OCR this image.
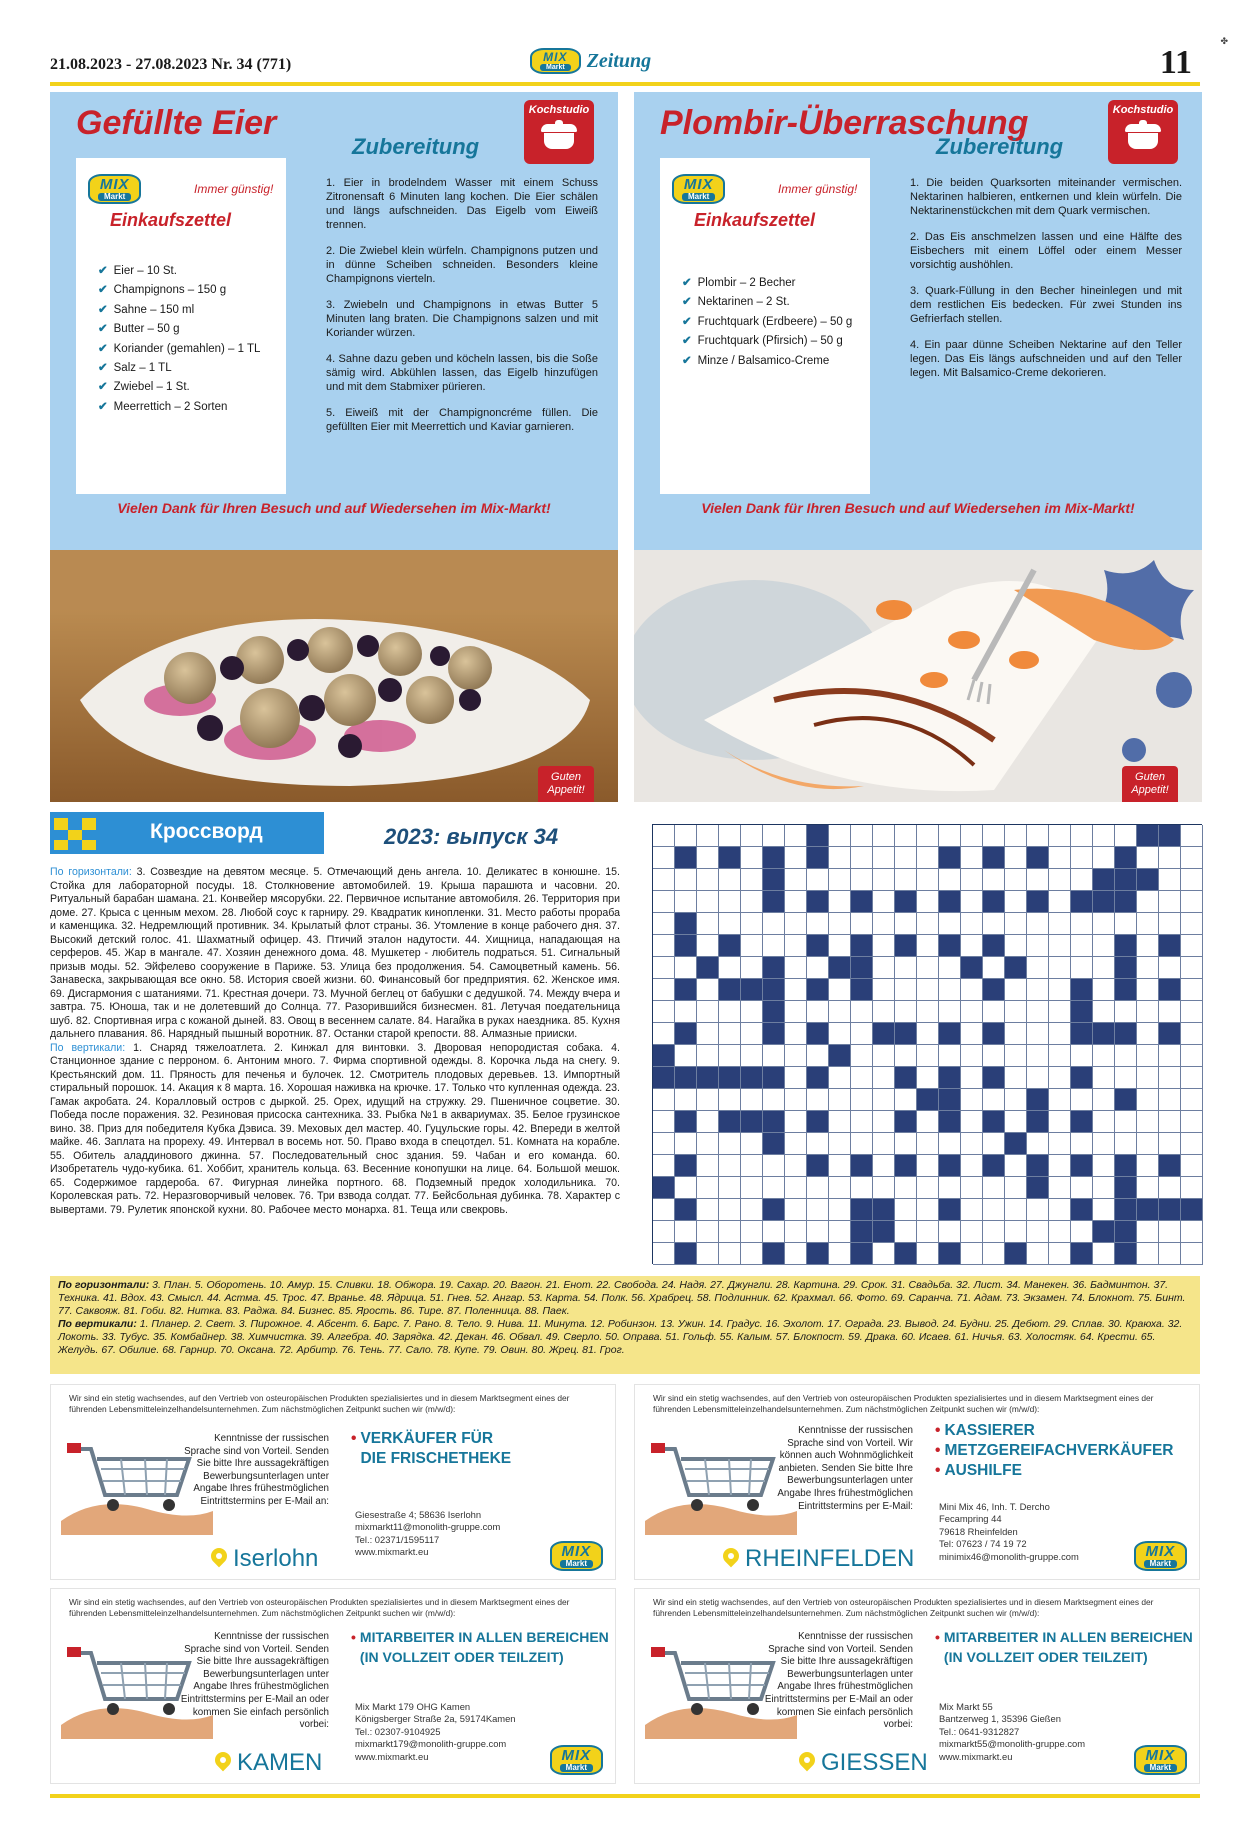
21.08.2023 - 27.08.2023 Nr. 34 (771)	MIX
Markt	Zeitung	11
✤
Gefüllte Eier	Kochstudio
MIX
Markt
Immer günstig!
Einkaufszettel
✔ Eier – 10 St.
✔ Champignons – 150 g
✔ Sahne – 150 ml
✔ Butter – 50 g
✔ Koriander (gemahlen) – 1 TL
✔ Salz – 1 TL
✔ Zwiebel – 1 St.
✔ Meerrettich – 2 Sorten
Zubereitung

1. Eier in brodelndem Wasser mit einem Schuss Zitronensaft 6 Minuten lang kochen. Die Eier schälen und längs aufschneiden. Das Eigelb vom Eiweiß trennen.

2. Die Zwiebel klein würfeln. Champignons putzen und in dünne Scheiben schneiden. Besonders kleine Champignons vierteln.

3. Zwiebeln und Champignons in etwas Butter 5 Minuten lang braten. Die Champignons salzen und mit Koriander würzen.

4. Sahne dazu geben und köcheln lassen, bis die Soße sämig wird. Abkühlen lassen, das Eigelb hinzufügen und mit dem Stabmixer pürieren.

5. Eiweiß mit der Champignoncréme füllen. Die gefüllten Eier mit Meerrettich und Kaviar garnieren.

Vielen Dank für Ihren Besuch und auf Wiedersehen im Mix-Markt!
Guten Appetit!
Plombir-Überraschung	Kochstudio
MIX
Markt
Immer günstig!
Einkaufszettel
✔ Plombir – 2 Becher
✔ Nektarinen – 2 St.
✔ Fruchtquark (Erdbeere) – 50 g
✔ Fruchtquark (Pfirsich) – 50 g
✔ Minze / Balsamico-Creme
Zubereitung

1. Die beiden Quarksorten miteinander vermischen. Nektarinen halbieren, entkernen und klein würfeln. Die Nektarinenstückchen mit dem Quark vermischen.

2. Das Eis anschmelzen lassen und eine Hälfte des Eisbechers mit einem Löffel oder einem Messer vorsichtig aushöhlen.

3. Quark-Füllung in den Becher hineinlegen und mit dem restlichen Eis bedecken. Für zwei Stunden ins Gefrierfach stellen.

4. Ein paar dünne Scheiben Nektarine auf den Teller legen. Das Eis längs aufschneiden und auf den Teller legen. Mit Balsamico-Creme dekorieren.

Vielen Dank für Ihren Besuch und auf Wiedersehen im Mix-Markt!
Guten Appetit!
Кроссворд	2023: выпуск 34

По горизонтали: 3. Созвездие на девятом месяце. 5. Отмечающий день ангела. 10. Деликатес в конюшне. 15. Стойка для лабораторной посуды. 18. Столкновение автомобилей. 19. Крыша парашюта и часовни. 20. Ритуальный барабан шамана. 21. Конвейер мясорубки. 22. Первичное испытание автомобиля. 26. Территория при доме. 27. Крыса с ценным мехом. 28. Любой соус к гарниру. 29. Квадратик кинопленки. 31. Место работы прораба и каменщика. 32. Недремлющий противник. 34. Крылатый флот страны. 36. Утомление в конце рабочего дня. 37. Высокий детский голос. 41. Шахматный офицер. 43. Птичий эталон надутости. 44. Хищница, нападающая на серферов. 45. Жар в мангале. 47. Хозяин денежного дома. 48. Мушкетер - любитель подраться. 51. Сигнальный призыв моды. 52. Эйфелево сооружение в Париже. 53. Улица без продолжения. 54. Самоцветный камень. 56. Занавеска, закрывающая все окно. 58. История своей жизни. 60. Финансовый бог предприятия. 62. Женское имя. 69. Дисгармония с шатаниями. 71. Крестная дочери. 73. Мучной беглец от бабушки с дедушкой. 74. Между вчера и завтра. 75. Юноша, так и не долетевший до Солнца. 77. Разорившийся бизнесмен. 81. Летучая поедательница шуб. 82. Спортивная игра с кожаной дыней. 83. Овощ в весеннем салате. 84. Нагайка в руках наездника. 85. Кухня дальнего плавания. 86. Нарядный пышный воротник. 87. Останки старой крепости. 88. Алмазные прииски.

По вертикали: 1. Снаряд тяжелоатлета. 2. Кинжал для винтовки. 3. Дворовая непородистая собака. 4. Станционное здание с перроном. 6. Антоним много. 7. Фирма спортивной одежды. 8. Корочка льда на снегу. 9. Крестьянский дом. 11. Пряность для печенья и булочек. 12. Смотритель плодовых деревьев. 13. Импортный стиральный порошок. 14. Акация к 8 марта. 16. Хорошая наживка на крючке. 17. Только что купленная одежда. 23. Гамак акробата. 24. Коралловый остров с дыркой. 25. Орех, идущий на стружку. 29. Пшеничное соцветие. 30. Победа после поражения. 32. Резиновая присоска сантехника. 33. Рыбка №1 в аквариумах. 35. Белое грузинское вино. 38. Приз для победителя Кубка Дэвиса. 39. Меховых дел мастер. 40. Гуцульские горы. 42. Впереди в желтой майке. 46. Заплата на прореху. 49. Интервал в восемь нот. 50. Право входа в спецотдел. 51. Комната на корабле. 55. Обитель аладдинового джинна. 57. Последовательный снос здания. 59. Чабан и его команда. 60. Изобретатель чудо-кубика. 61. Хоббит, хранитель кольца. 63. Весенние конопушки на лице. 64. Большой мешок. 65. Содержимое гардероба. 67. Фигурная линейка портного. 68. Подземный предок холодильника. 70. Королевская рать. 72. Неразговорчивый человек. 76. Три взвода солдат. 77. Бейсбольная дубинка. 78. Характер с вывертами. 79. Рулетик японской кухни. 80. Рабочее место монарха. 81. Теща или свекровь.

По горизонтали: 3. План. 5. Оборотень. 10. Амур. 15. Сливки. 18. Обжора. 19. Сахар. 20. Вагон. 21. Енот. 22. Свобода. 24. Надя. 27. Джунгли. 28. Картина. 29. Срок. 31. Свадьба. 32. Лист. 34. Манекен. 36. Бадминтон. 37. Техника. 41. Вдох. 43. Смысл. 44. Астма. 45. Трос. 47. Вранье. 48. Ядрица. 51. Гнев. 52. Ангар. 53. Карта. 54. Полк. 56. Храбрец. 58. Подлинник. 62. Крахмал. 66. Фото. 69. Саранча. 71. Адам. 73. Экзамен. 74. Блокнот. 75. Бинт. 77. Саквояж. 81. Гоби. 82. Нитка. 83. Раджа. 84. Бизнес. 85. Ярость. 86. Тире. 87. Поленница. 88. Паек.

По вертикали: 1. Планер. 2. Свет. 3. Пирожное. 4. Абсент. 6. Барс. 7. Рано. 8. Тело. 9. Нива. 11. Минута. 12. Робинзон. 13. Ужин. 14. Градус. 16. Эхолот. 17. Ограда. 23. Вывод. 24. Будни. 25. Дебют. 29. Сплав. 30. Краюха. 32. Локоть. 33. Тубус. 35. Комбайнер. 38. Химчистка. 39. Алгебра. 40. Зарядка. 42. Декан. 46. Обвал. 49. Сверло. 50. Оправа. 51. Гольф. 55. Калым. 57. Блокпост. 59. Драка. 60. Исаев. 61. Ничья. 63. Холостяк. 64. Крести. 65. Желудь. 67. Обилие. 68. Гарнир. 70. Оксана. 72. Арбитр. 76. Тень. 77. Сало. 78. Купе. 79. Овин. 80. Жрец. 81. Грог.

Wir sind ein stetig wachsendes, auf den Vertrieb von osteuropäischen Produkten spezialisiertes und in diesem Marktsegment eines der führenden Lebensmitteleinzelhandelsunternehmen. Zum nächstmöglichen Zeitpunkt suchen wir (m/w/d):
Kenntnisse der russischen Sprache sind von Vorteil. Senden Sie bitte Ihre aussagekräftigen Bewerbungsunterlagen unter Angabe Ihres frühestmöglichen Eintrittstermins per E-Mail an:
• VERKÄUFER FÜR
DIE FRISCHETHEKE
Giesestraße 4; 58636 Iserlohn
mixmarkt11@monolith-gruppe.com
Tel.: 02371/1595117
www.mixmarkt.eu
Iserlohn	MIX
Markt
Wir sind ein stetig wachsendes, auf den Vertrieb von osteuropäischen Produkten spezialisiertes und in diesem Marktsegment eines der führenden Lebensmitteleinzelhandelsunternehmen. Zum nächstmöglichen Zeitpunkt suchen wir (m/w/d):
Kenntnisse der russischen Sprache sind von Vorteil. Wir können auch Wohnmöglichkeit anbieten. Senden Sie bitte Ihre Bewerbungsunterlagen unter Angabe Ihres frühestmöglichen Eintrittstermins per E-Mail:
• KASSIERER
• METZGEREIFACHVERKÄUFER
• AUSHILFE
Mini Mix 46, Inh. T. Dercho
Fecampring 44
79618 Rheinfelden
Tel: 07623 / 74 19 72
minimix46@monolith-gruppe.com
RHEINFELDEN	MIX
Markt
Wir sind ein stetig wachsendes, auf den Vertrieb von osteuropäischen Produkten spezialisiertes und in diesem Marktsegment eines der führenden Lebensmitteleinzelhandelsunternehmen. Zum nächstmöglichen Zeitpunkt suchen wir (m/w/d):
Kenntnisse der russischen Sprache sind von Vorteil. Senden Sie bitte Ihre aussagekräftigen Bewerbungsunterlagen unter Angabe Ihres frühestmöglichen Eintrittstermins per E-Mail an oder kommen Sie einfach persönlich vorbei:
• MITARBEITER IN ALLEN BEREICHEN
(IN VOLLZEIT ODER TEILZEIT)
Mix Markt 179 OHG Kamen
Königsberger Straße 2a, 59174Kamen
Tel.: 02307-9104925
mixmarkt179@monolith-gruppe.com
www.mixmarkt.eu
KAMEN	MIX
Markt
Wir sind ein stetig wachsendes, auf den Vertrieb von osteuropäischen Produkten spezialisiertes und in diesem Marktsegment eines der führenden Lebensmitteleinzelhandelsunternehmen. Zum nächstmöglichen Zeitpunkt suchen wir (m/w/d):
Kenntnisse der russischen Sprache sind von Vorteil. Senden Sie bitte Ihre aussagekräftigen Bewerbungsunterlagen unter Angabe Ihres frühestmöglichen Eintrittstermins per E-Mail an oder kommen Sie einfach persönlich vorbei:
• MITARBEITER IN ALLEN BEREICHEN
(IN VOLLZEIT ODER TEILZEIT)
Mix Markt 55
Bantzerweg 1, 35396 Gießen
Tel.: 0641-9312827
mixmarkt55@monolith-gruppe.com
www.mixmarkt.eu
GIESSEN	MIX
Markt
